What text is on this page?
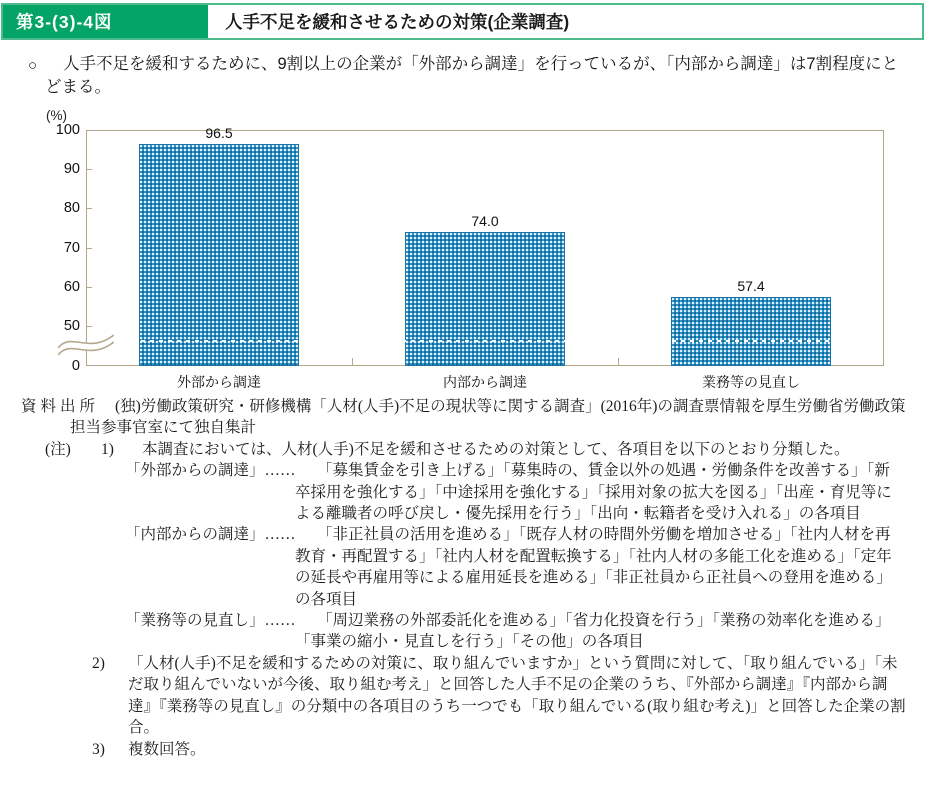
第3-(3)-4図	人手不足を緩和させるための対策(企業調査)
○ 人手不足を緩和するために、9割以上の企業が「外部から調達」を行っているが、「内部から調達」は7割程度にとどまる。
(%)
100
90
80
70
60
50
0
96.5
外部から調達
74.0
内部から調達
57.4
業務等の見直し
資料出所	(独)労働政策研究・研修機構「人材(人手)不足の現状等に関する調査」(2016年)の調査票情報を厚生労働省労働政策担当参事官室にて独自集計
(注) 1) 本調査においては、人材(人手)不足を緩和させるための対策として、各項目を以下のとおり分類した。
「外部からの調達」……	「募集賃金を引き上げる」「募集時の、賃金以外の処遇・労働条件を改善する」「新卒採用を強化する」「中途採用を強化する」「採用対象の拡大を図る」「出産・育児等による離職者の呼び戻し・優先採用を行う」「出向・転籍者を受け入れる」の各項目
「内部からの調達」……	「非正社員の活用を進める」「既存人材の時間外労働を増加させる」「社内人材を再教育・再配置する」「社内人材を配置転換する」「社内人材の多能工化を進める」「定年の延長や再雇用等による雇用延長を進める」「非正社員から正社員への登用を進める」の各項目
「業務等の見直し」……	「周辺業務の外部委託化を進める」「省力化投資を行う」「業務の効率化を進める」「事業の縮小・見直しを行う」「その他」の各項目
2) 「人材(人手)不足を緩和するための対策に、取り組んでいますか」という質問に対して、「取り組んでいる」「未だ取り組んでいないが今後、取り組む考え」と回答した人手不足の企業のうち、『外部から調達』『内部から調達』『業務等の見直し』の分類中の各項目のうち一つでも「取り組んでいる(取り組む考え)」と回答した企業の割合。
3) 複数回答。
